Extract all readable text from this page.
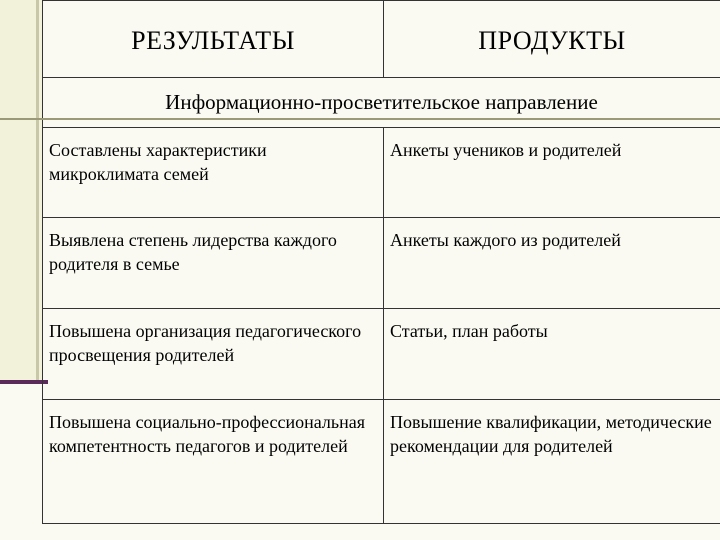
РЕЗУЛЬТАТЫ	ПРОДУКТЫ

Информационно-просветительское направление	
Составлены характеристики микроклимата семей	Анкеты учеников и родителей
Выявлена степень лидерства каждого родителя в семье	Анкеты каждого из родителей
Повышена организация педагогического просвещения родителей	Статьи, план работы
Повышена социально-профессиональная компетентность педагогов и родителей	Повышение квалификации, методические рекомендации для родителей
